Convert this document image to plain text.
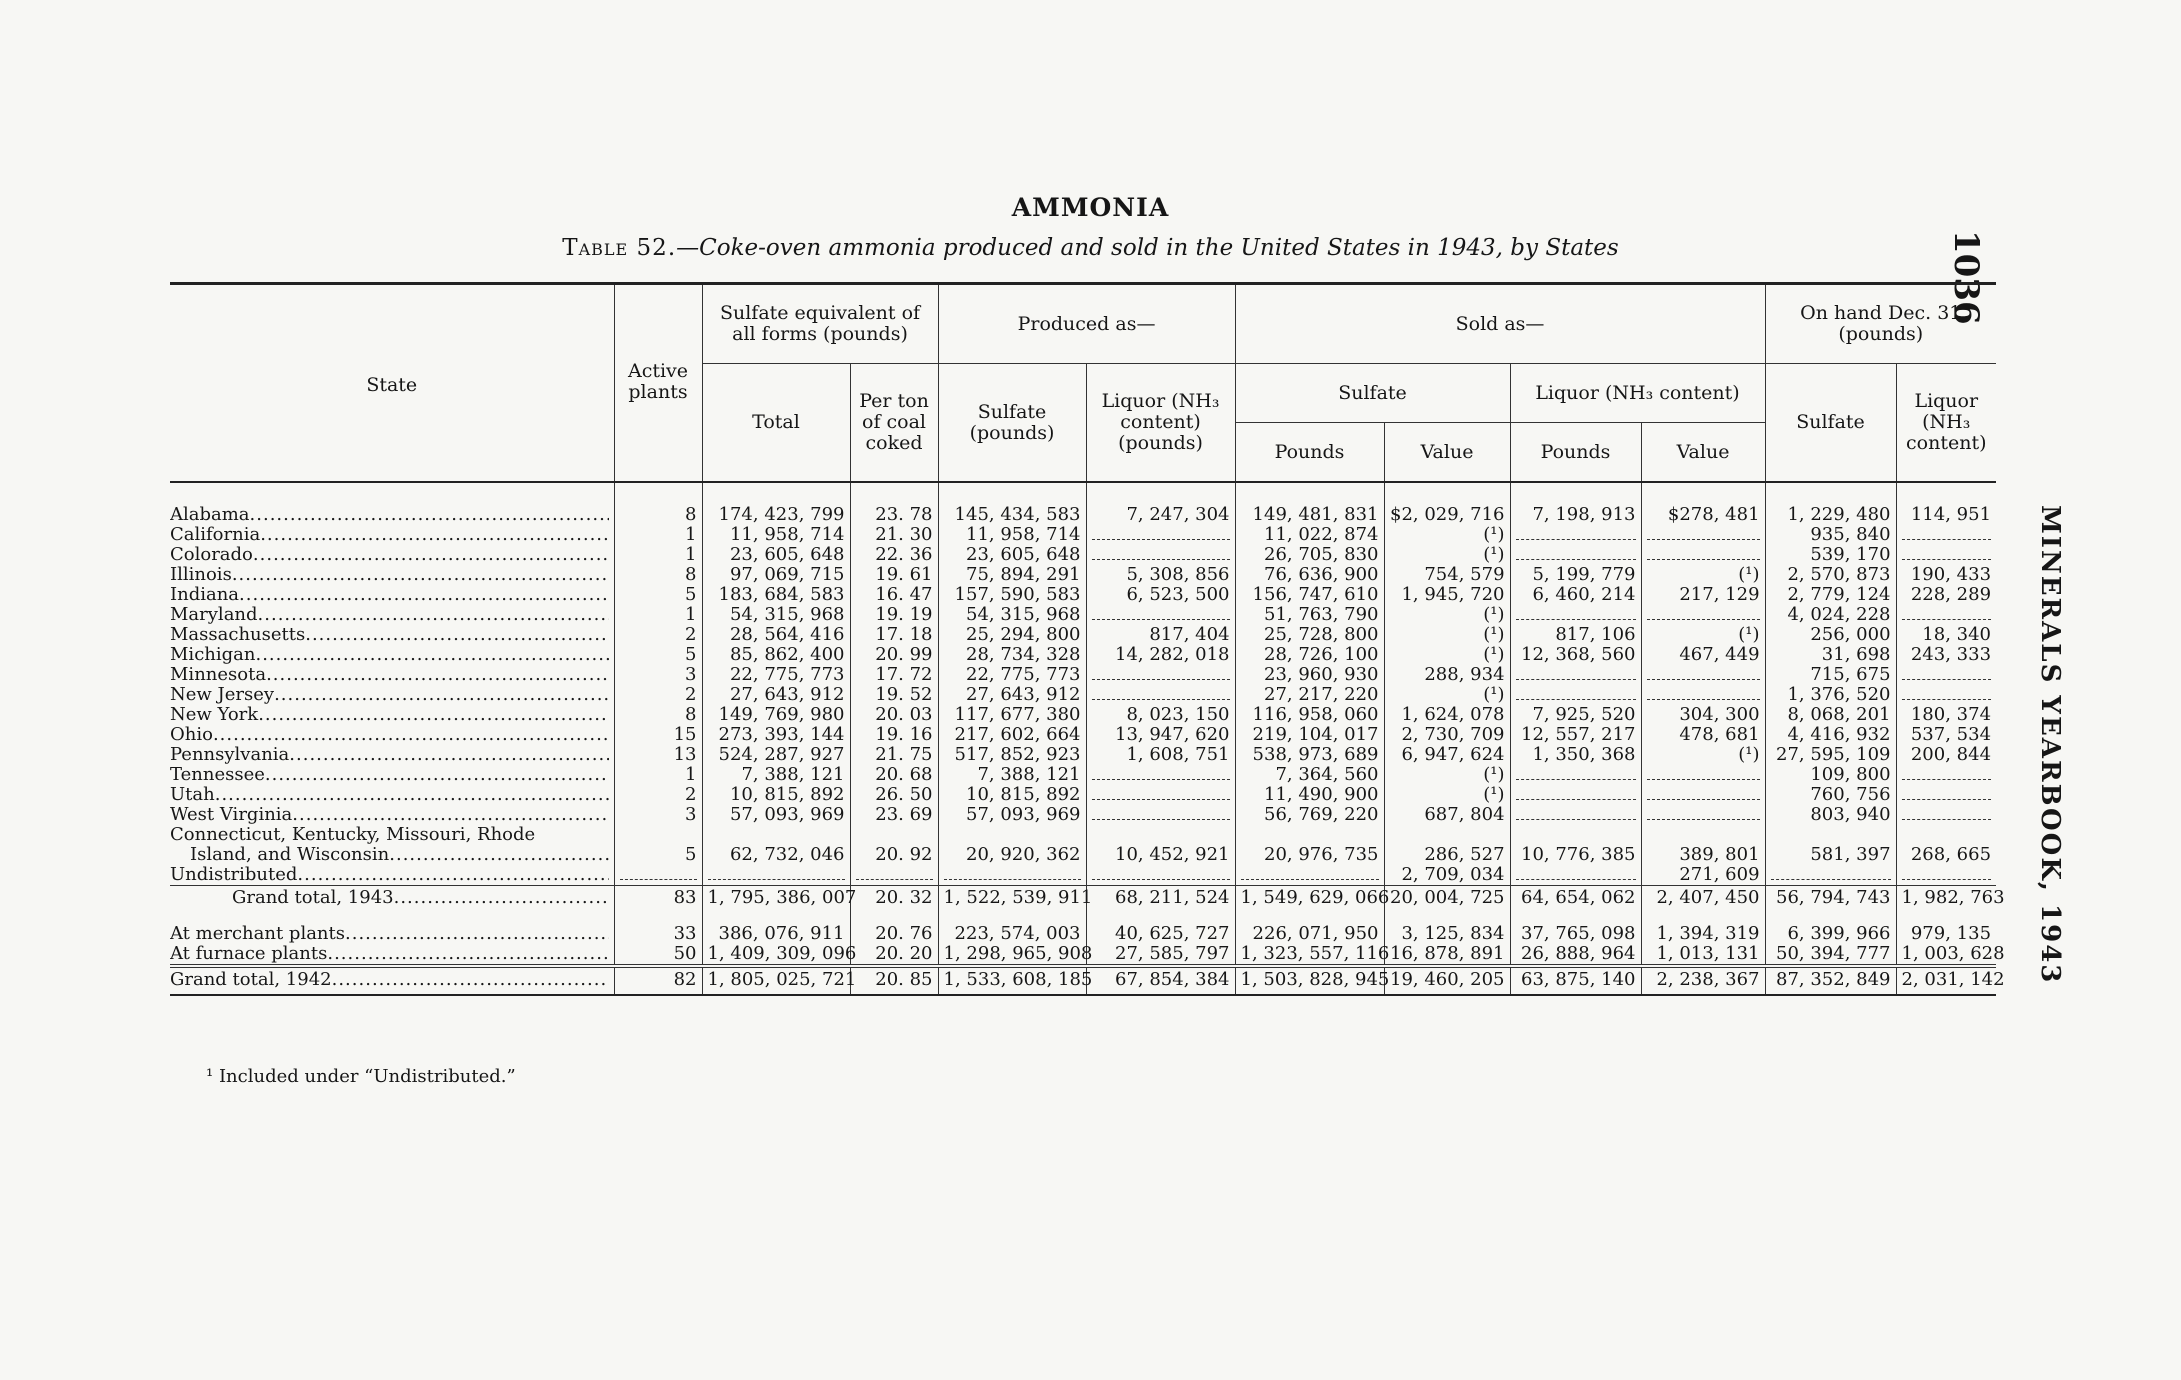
AMMONIA
Table 52.—Coke-oven ammonia produced and sold in the United States in 1943, by States	1036
MINERALS YEARBOOK, 1943
State	Active plants	Sulfate equivalent of all forms (pounds)		Produced as—		Sold as—				On hand Dec. 31 (pounds)	
		Total	Per ton of coal coked	Sulfate (pounds)	Liquor (NH₃ content) (pounds)	Sulfate		Liquor (NH₃ content)		Sulfate	Liquor (NH₃ content)
						Pounds	Value	Pounds	Value		

Alabama .....	8	174, 423, 799	23. 78	145, 434, 583	7, 247, 304	149, 481, 831	$2, 029, 716	7, 198, 913	$278, 481	1, 229, 480	114, 951

California .....	1	11, 958, 714	21. 30	11, 958, 714		11, 022, 874	(¹)			935, 840	

Colorado .....	1	23, 605, 648	22. 36	23, 605, 648		26, 705, 830	(¹)			539, 170	

Illinois .....	8	97, 069, 715	19. 61	75, 894, 291	5, 308, 856	76, 636, 900	754, 579	5, 199, 779	(¹)	2, 570, 873	190, 433

Indiana .....	5	183, 684, 583	16. 47	157, 590, 583	6, 523, 500	156, 747, 610	1, 945, 720	6, 460, 214	217, 129	2, 779, 124	228, 289

Maryland .....	1	54, 315, 968	19. 19	54, 315, 968		51, 763, 790	(¹)			4, 024, 228	

Massachusetts .....	2	28, 564, 416	17. 18	25, 294, 800	817, 404	25, 728, 800	(¹)	817, 106	(¹)	256, 000	18, 340

Michigan .....	5	85, 862, 400	20. 99	28, 734, 328	14, 282, 018	28, 726, 100	(¹)	12, 368, 560	467, 449	31, 698	243, 333

Minnesota .....	3	22, 775, 773	17. 72	22, 775, 773		23, 960, 930	288, 934			715, 675	

New Jersey .....	2	27, 643, 912	19. 52	27, 643, 912		27, 217, 220	(¹)			1, 376, 520	

New York .....	8	149, 769, 980	20. 03	117, 677, 380	8, 023, 150	116, 958, 060	1, 624, 078	7, 925, 520	304, 300	8, 068, 201	180, 374

Ohio .....	15	273, 393, 144	19. 16	217, 602, 664	13, 947, 620	219, 104, 017	2, 730, 709	12, 557, 217	478, 681	4, 416, 932	537, 534

Pennsylvania .....	13	524, 287, 927	21. 75	517, 852, 923	1, 608, 751	538, 973, 689	6, 947, 624	1, 350, 368	(¹)	27, 595, 109	200, 844

Tennessee .....	1	7, 388, 121	20. 68	7, 388, 121		7, 364, 560	(¹)			109, 800	

Utah .....	2	10, 815, 892	26. 50	10, 815, 892		11, 490, 900	(¹)			760, 756	

West Virginia .....	3	57, 093, 969	23. 69	57, 093, 969		56, 769, 220	687, 804			803, 940	

Connecticut, Kentucky, Missouri, Rhode
Island, and Wisconsin .....	5	62, 732, 046	20. 92	20, 920, 362	10, 452, 921	20, 976, 735	286, 527	10, 776, 385	389, 801	581, 397	268, 665

Undistributed .....							2, 709, 034		271, 609		

Grand total, 1943 .....	83	1, 795, 386, 007	20. 32	1, 522, 539, 911	68, 211, 524	1, 549, 629, 066	20, 004, 725	64, 654, 062	2, 407, 450	56, 794, 743	1, 982, 763

At merchant plants .....	33	386, 076, 911	20. 76	223, 574, 003	40, 625, 727	226, 071, 950	3, 125, 834	37, 765, 098	1, 394, 319	6, 399, 966	979, 135

At furnace plants .....	50	1, 409, 309, 096	20. 20	1, 298, 965, 908	27, 585, 797	1, 323, 557, 116	16, 878, 891	26, 888, 964	1, 013, 131	50, 394, 777	1, 003, 628

Grand total, 1942 .....	82	1, 805, 025, 721	20. 85	1, 533, 608, 185	67, 854, 384	1, 503, 828, 945	19, 460, 205	63, 875, 140	2, 238, 367	87, 352, 849	2, 031, 142
¹ Included under “Undistributed.”
